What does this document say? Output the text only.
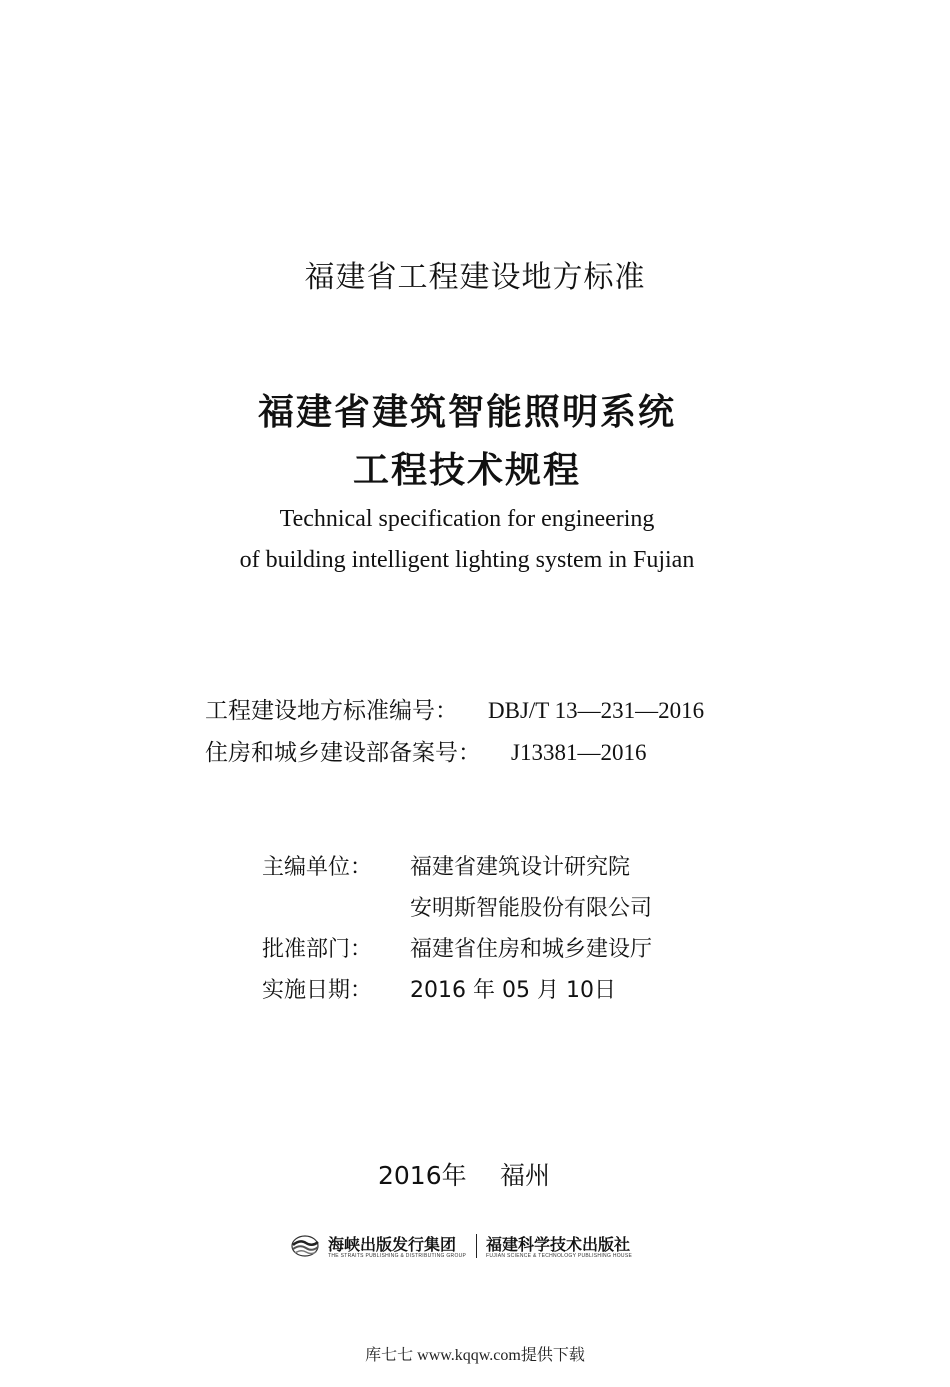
福建省工程建设地方标准
福建省建筑智能照明系统
工程技术规程
Technical specification for engineering
of building intelligent lighting system in Fujian
工程建设地方标准编号： DBJ/T 13—231—2016
住房和城乡建设部备案号： J13381—2016
主编单位： 福建省建筑设计研究院
安明斯智能股份有限公司
批准部门： 福建省住房和城乡建设厅
实施日期： 2016 年 05 月 10日
2016年 福州
海峡出版发行集团
THE STRAITS PUBLISHING & DISTRIBUTING GROUP
福建科学技术出版社
FUJIAN SCIENCE & TECHNOLOGY PUBLISHING HOUSE
库七七 www.kqqw.com提供下载
